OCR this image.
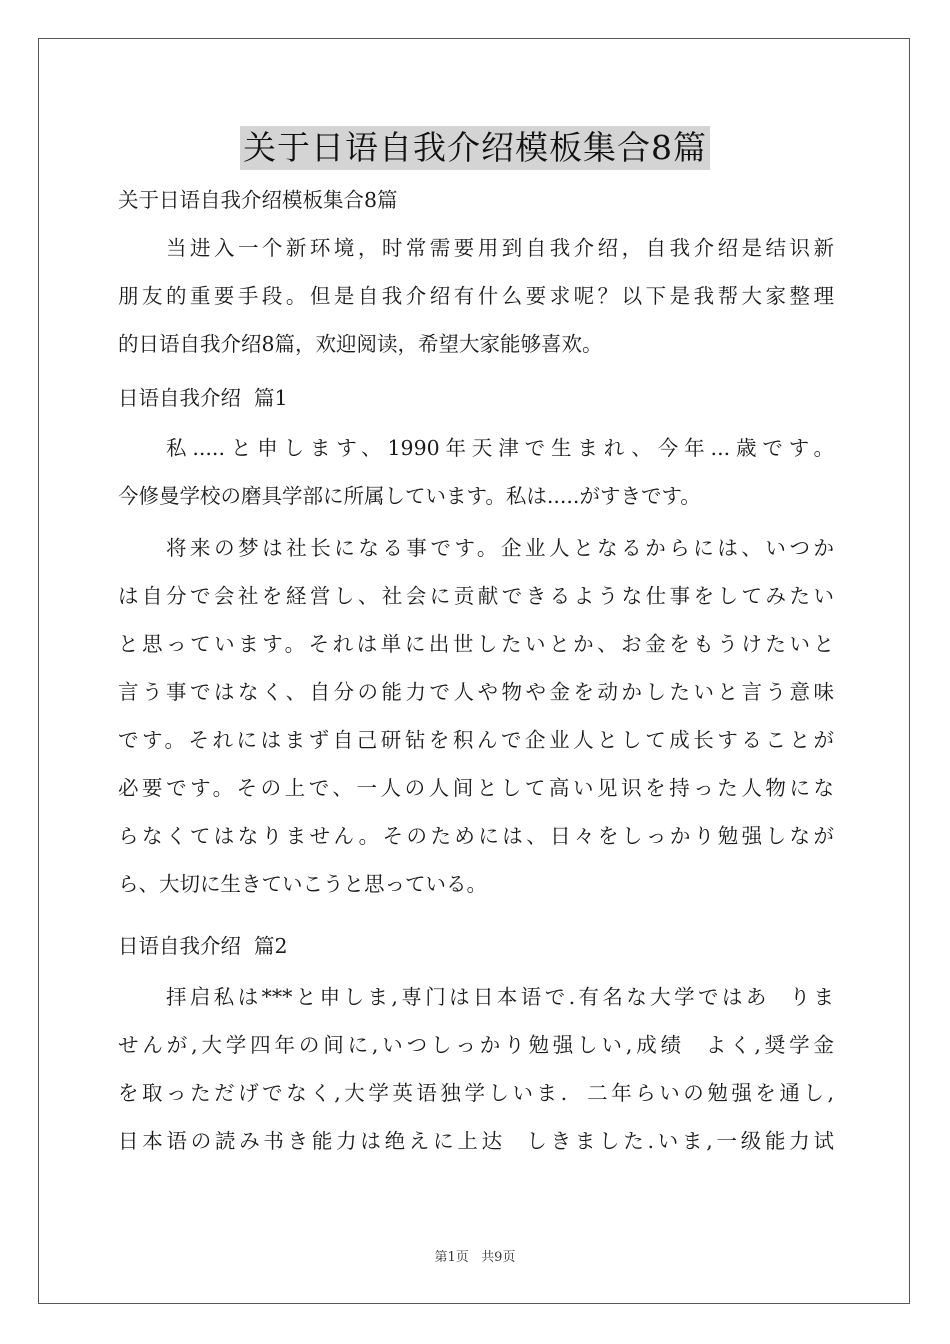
关于日语自我介绍模板集合8篇
关于日语自我介绍模板集合8篇
当进入一个新环境，时常需要用到自我介绍，自我介绍是结识新
朋友的重要手段。但是自我介绍有什么要求呢？以下是我帮大家整理
的日语自我介绍8篇，欢迎阅读，希望大家能够喜欢。
日语自我介绍  篇1
私.....と申します、1990年天津で生まれ、今年...歳です。
今修曼学校の磨具学部に所属しています。私は.....がすきです。
将来の梦は社长になる事です。企业人となるからには、いつか
は自分で会社を経営し、社会に贡献できるような仕事をしてみたい
と思っています。それは単に出世したいとか、お金をもうけたいと
言う事ではなく、自分の能力で人や物や金を动かしたいと言う意味
です。それにはまず自己研钻を积んで企业人として成长することが
必要です。その上で、一人の人间として高い见识を持った人物にな
らなくてはなりません。そのためには、日々をしっかり勉强しなが
ら、大切に生きていこうと思っている。
日语自我介绍  篇2
拝启私は***と申しま,専门は日本语で.有名な大学ではあ  りま
せんが,大学四年の间に,いつしっかり勉强しい,成绩  よく,奨学金
を取っただげでなく,大学英语独学しいま.  二年らいの勉强を通し,
日本语の読み书き能力は绝えに上达  しきました.いま,一级能力试
第1页   共9页
